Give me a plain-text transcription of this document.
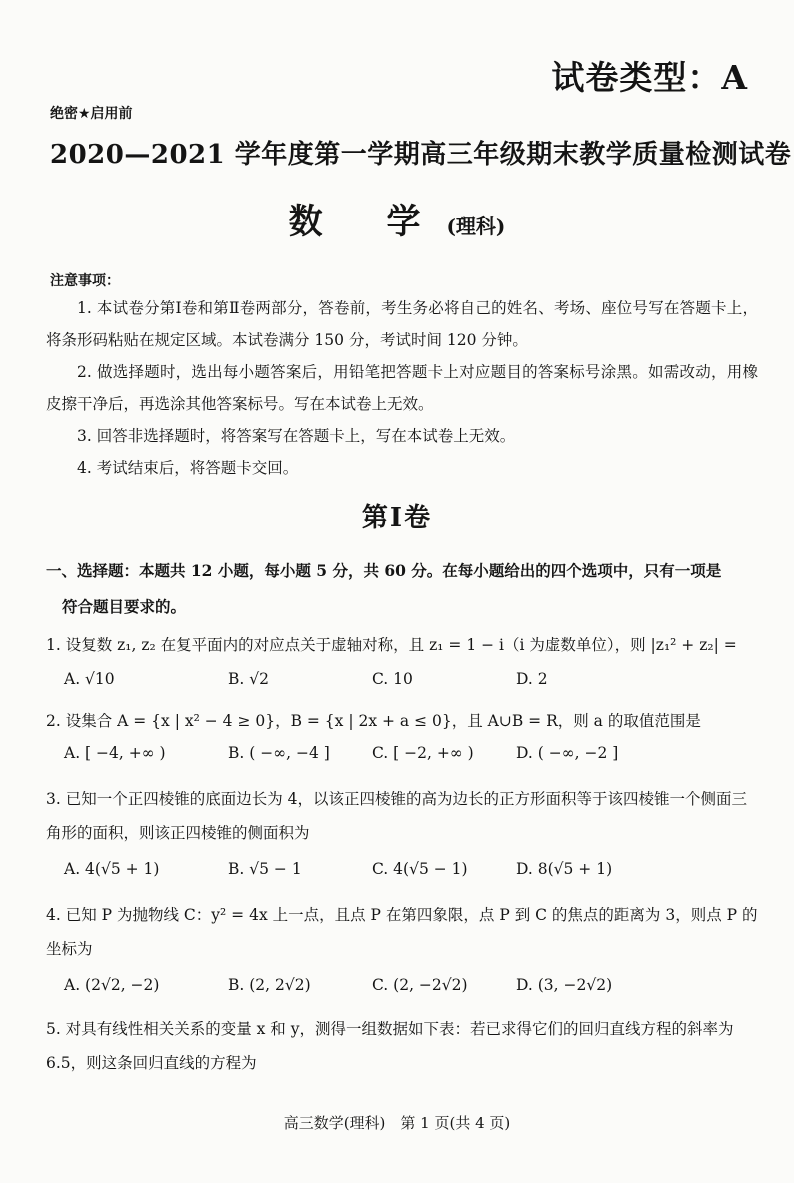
试卷类型：A
绝密★启用前
2020—2021 学年度第一学期高三年级期末教学质量检测试卷
数 学(理科)
注意事项：
1. 本试卷分第Ⅰ卷和第Ⅱ卷两部分，答卷前，考生务必将自己的姓名、考场、座位号写在答题卡上，将条形码粘贴在规定区域。本试卷满分 150 分，考试时间 120 分钟。
2. 做选择题时，选出每小题答案后，用铅笔把答题卡上对应题目的答案标号涂黑。如需改动，用橡皮擦干净后，再选涂其他答案标号。写在本试卷上无效。
3. 回答非选择题时，将答案写在答题卡上，写在本试卷上无效。
4. 考试结束后，将答题卡交回。
第Ⅰ卷
一、选择题：本题共 12 小题，每小题 5 分，共 60 分。在每小题给出的四个选项中，只有一项是
符合题目要求的。
1. 设复数 z₁, z₂ 在复平面内的对应点关于虚轴对称，且 z₁ = 1 − i（i 为虚数单位），则 |z₁² + z₂| =
A. √10	B. √2	C. 10	D. 2
2. 设集合 A = {x | x² − 4 ≥ 0}，B = {x | 2x + a ≤ 0}，且 A∪B = R，则 a 的取值范围是
A. [ −4, +∞ )	B. ( −∞, −4 ]	C. [ −2, +∞ )	D. ( −∞, −2 ]
3. 已知一个正四棱锥的底面边长为 4，以该正四棱锥的高为边长的正方形面积等于该四棱锥一个侧面三角形的面积，则该正四棱锥的侧面积为
A. 4(√5 + 1)	B. √5 − 1	C. 4(√5 − 1)	D. 8(√5 + 1)
4. 已知 P 为抛物线 C：y² = 4x 上一点，且点 P 在第四象限，点 P 到 C 的焦点的距离为 3，则点 P 的坐标为
A. (2√2, −2)	B. (2, 2√2)	C. (2, −2√2)	D. (3, −2√2)
5. 对具有线性相关关系的变量 x 和 y，测得一组数据如下表：若已求得它们的回归直线方程的斜率为 6.5，则这条回归直线的方程为
高三数学(理科)　第 1 页(共 4 页)
